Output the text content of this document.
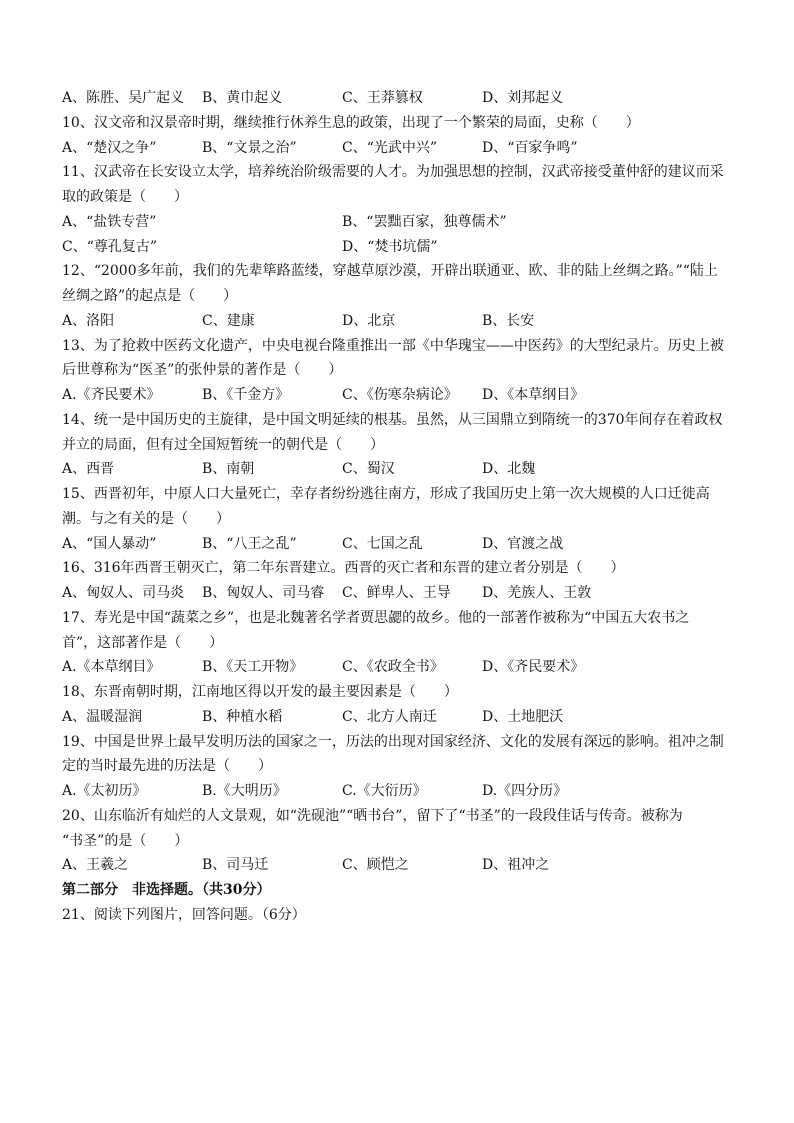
A、陈胜、吴广起义	B、黄巾起义	C、王莽篡权	D、刘邦起义
10、汉文帝和汉景帝时期，继续推行休养生息的政策，出现了一个繁荣的局面，史称（　　）
A、“楚汉之争”	B、“文景之治”	C、“光武中兴”	D、“百家争鸣”
11、汉武帝在长安设立太学，培养统治阶级需要的人才。为加强思想的控制，汉武帝接受董仲舒的建议而采
取的政策是（　　）
A、“盐铁专营”	B、“罢黜百家，独尊儒术”
C、“尊孔复古”	D、“焚书坑儒”
12、“2000多年前，我们的先辈筚路蓝缕，穿越草原沙漠，开辟出联通亚、欧、非的陆上丝绸之路。”“陆上
丝绸之路”的起点是（　　）
A、洛阳	C、建康	D、北京	B、长安
13、为了抢救中医药文化遗产，中央电视台隆重推出一部《中华瑰宝——中医药》的大型纪录片。历史上被
后世尊称为“医圣”的张仲景的著作是（　　）
A.《齐民要术》	B、《千金方》	C、《伤寒杂病论》	D、《本草纲目》
14、统一是中国历史的主旋律，是中国文明延续的根基。虽然，从三国鼎立到隋统一的370年间存在着政权
并立的局面，但有过全国短暂统一的朝代是（　　）
A、西晋	B、南朝	C、蜀汉	D、北魏
15、西晋初年，中原人口大量死亡，幸存者纷纷逃往南方，形成了我国历史上第一次大规模的人口迁徙高
潮。与之有关的是（　　）
A、“国人暴动”	B、“八王之乱”	C、七国之乱	D、官渡之战
16、316年西晋王朝灭亡，第二年东晋建立。西晋的灭亡者和东晋的建立者分别是（　　）
A、匈奴人、司马炎	B、匈奴人、司马睿	C、鲜卑人、王导	D、羌族人、王敦
17、寿光是中国“蔬菜之乡”，也是北魏著名学者贾思勰的故乡。他的一部著作被称为“中国五大农书之
首”，这部著作是（　　）
A.《本草纲目》	B、《天工开物》	C、《农政全书》	D、《齐民要术》
18、东晋南朝时期，江南地区得以开发的最主要因素是（　　）
A、温暖湿润	B、种植水稻	C、北方人南迁	D、土地肥沃
19、中国是世界上最早发明历法的国家之一，历法的出现对国家经济、文化的发展有深远的影响。祖冲之制
定的当时最先进的历法是（　　）
A.《太初历》	B.《大明历》	C.《大衍历》	D.《四分历》
20、山东临沂有灿烂的人文景观，如“洗砚池”“晒书台”，留下了“书圣”的一段段佳话与传奇。被称为
“书圣”的是（　　）
A、王羲之	B、司马迁	C、顾恺之	D、祖冲之
第二部分　非选择题。（共30分）
21、阅读下列图片，回答问题。（6分）
